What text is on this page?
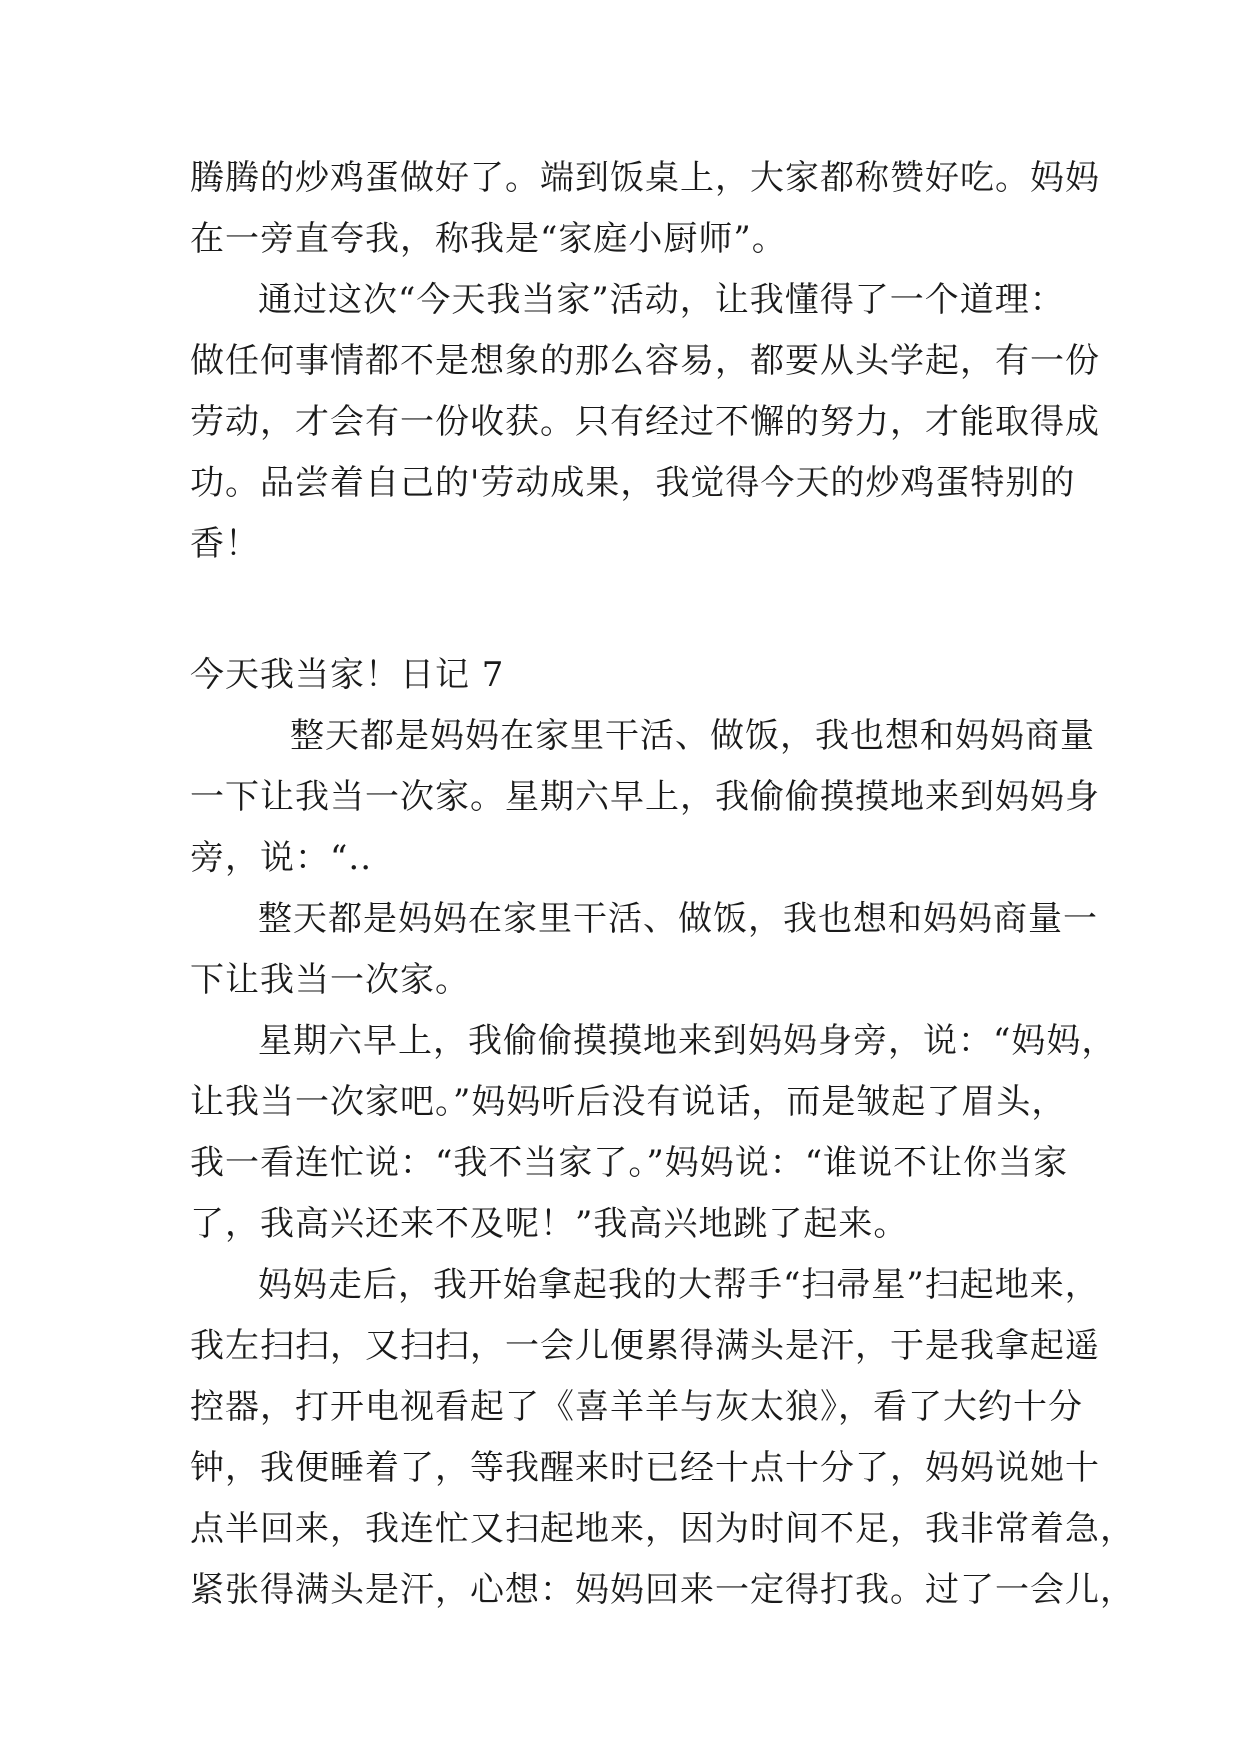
腾腾的炒鸡蛋做好了。端到饭桌上，大家都称赞好吃。妈妈
在一旁直夸我，称我是“家庭小厨师”。
通过这次“今天我当家”活动，让我懂得了一个道理：
做任何事情都不是想象的那么容易，都要从头学起，有一份
劳动，才会有一份收获。只有经过不懈的努力，才能取得成
功。品尝着自己的'劳动成果，我觉得今天的炒鸡蛋特别的
香！
今天我当家！日记 7
整天都是妈妈在家里干活、做饭，我也想和妈妈商量
一下让我当一次家。星期六早上，我偷偷摸摸地来到妈妈身
旁，说：“..
整天都是妈妈在家里干活、做饭，我也想和妈妈商量一
下让我当一次家。
星期六早上，我偷偷摸摸地来到妈妈身旁，说：“妈妈，
让我当一次家吧。”妈妈听后没有说话，而是皱起了眉头，
我一看连忙说：“我不当家了。”妈妈说：“谁说不让你当家
了，我高兴还来不及呢！”我高兴地跳了起来。
妈妈走后，我开始拿起我的大帮手“扫帚星”扫起地来，
我左扫扫，又扫扫，一会儿便累得满头是汗，于是我拿起遥
控器，打开电视看起了《喜羊羊与灰太狼》，看了大约十分
钟，我便睡着了，等我醒来时已经十点十分了，妈妈说她十
点半回来，我连忙又扫起地来，因为时间不足，我非常着急，
紧张得满头是汗，心想：妈妈回来一定得打我。过了一会儿，
